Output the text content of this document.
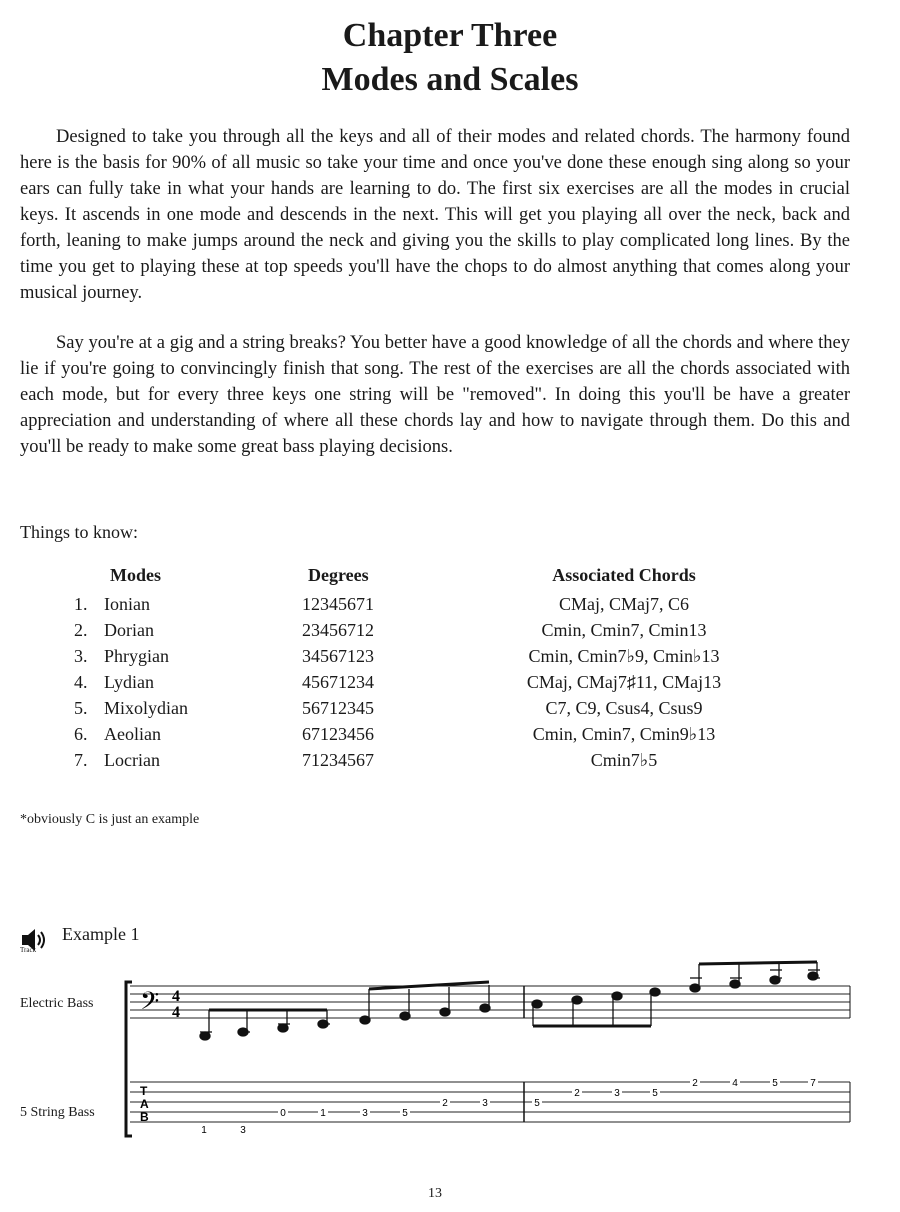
Chapter Three
Modes and Scales

Designed to take you through all the keys and all of their modes and related chords. The harmony found here is the basis for 90% of all music so take your time and once you've done these enough sing along so your ears can fully take in what your hands are learning to do. The first six exercises are all the modes in crucial keys. It ascends in one mode and descends in the next. This will get you playing all over the neck, back and forth, leaning to make jumps around the neck and giving you the skills to play complicated long lines. By the time you get to playing these at top speeds you'll have the chops to do almost anything that comes along your musical journey.

Say you're at a gig and a string breaks? You better have a good knowledge of all the chords and where they lie if you're going to convincingly finish that song. The rest of the exercises are all the chords associated with each mode, but for every three keys one string will be "removed". In doing this you'll be have a greater appreciation and understanding of where all these chords lay and how to navigate through them. Do this and you'll be ready to make some great bass playing decisions.

Things to know:
Modes	Degrees	Associated Chords
1. Ionian	12345671	CMaj, CMaj7, C6
2. Dorian	23456712	Cmin, Cmin7, Cmin13
3. Phrygian	34567123	Cmin, Cmin7♭9, Cmin♭13
4. Lydian	45671234	CMaj, CMaj7♯11, CMaj13
5. Mixolydian	56712345	C7, C9, Csus4, Csus9
6. Aeolian	67123456	Cmin, Cmin7, Cmin9♭13
7. Locrian	71234567	Cmin7♭5
*obviously C is just an example
Track
Example 1
Electric Bass
5 String Bass
𝄢 4
4
T
A
B
1	3
0	1	3	5
2	3	5
2	3	5
2	4	5	7
13
